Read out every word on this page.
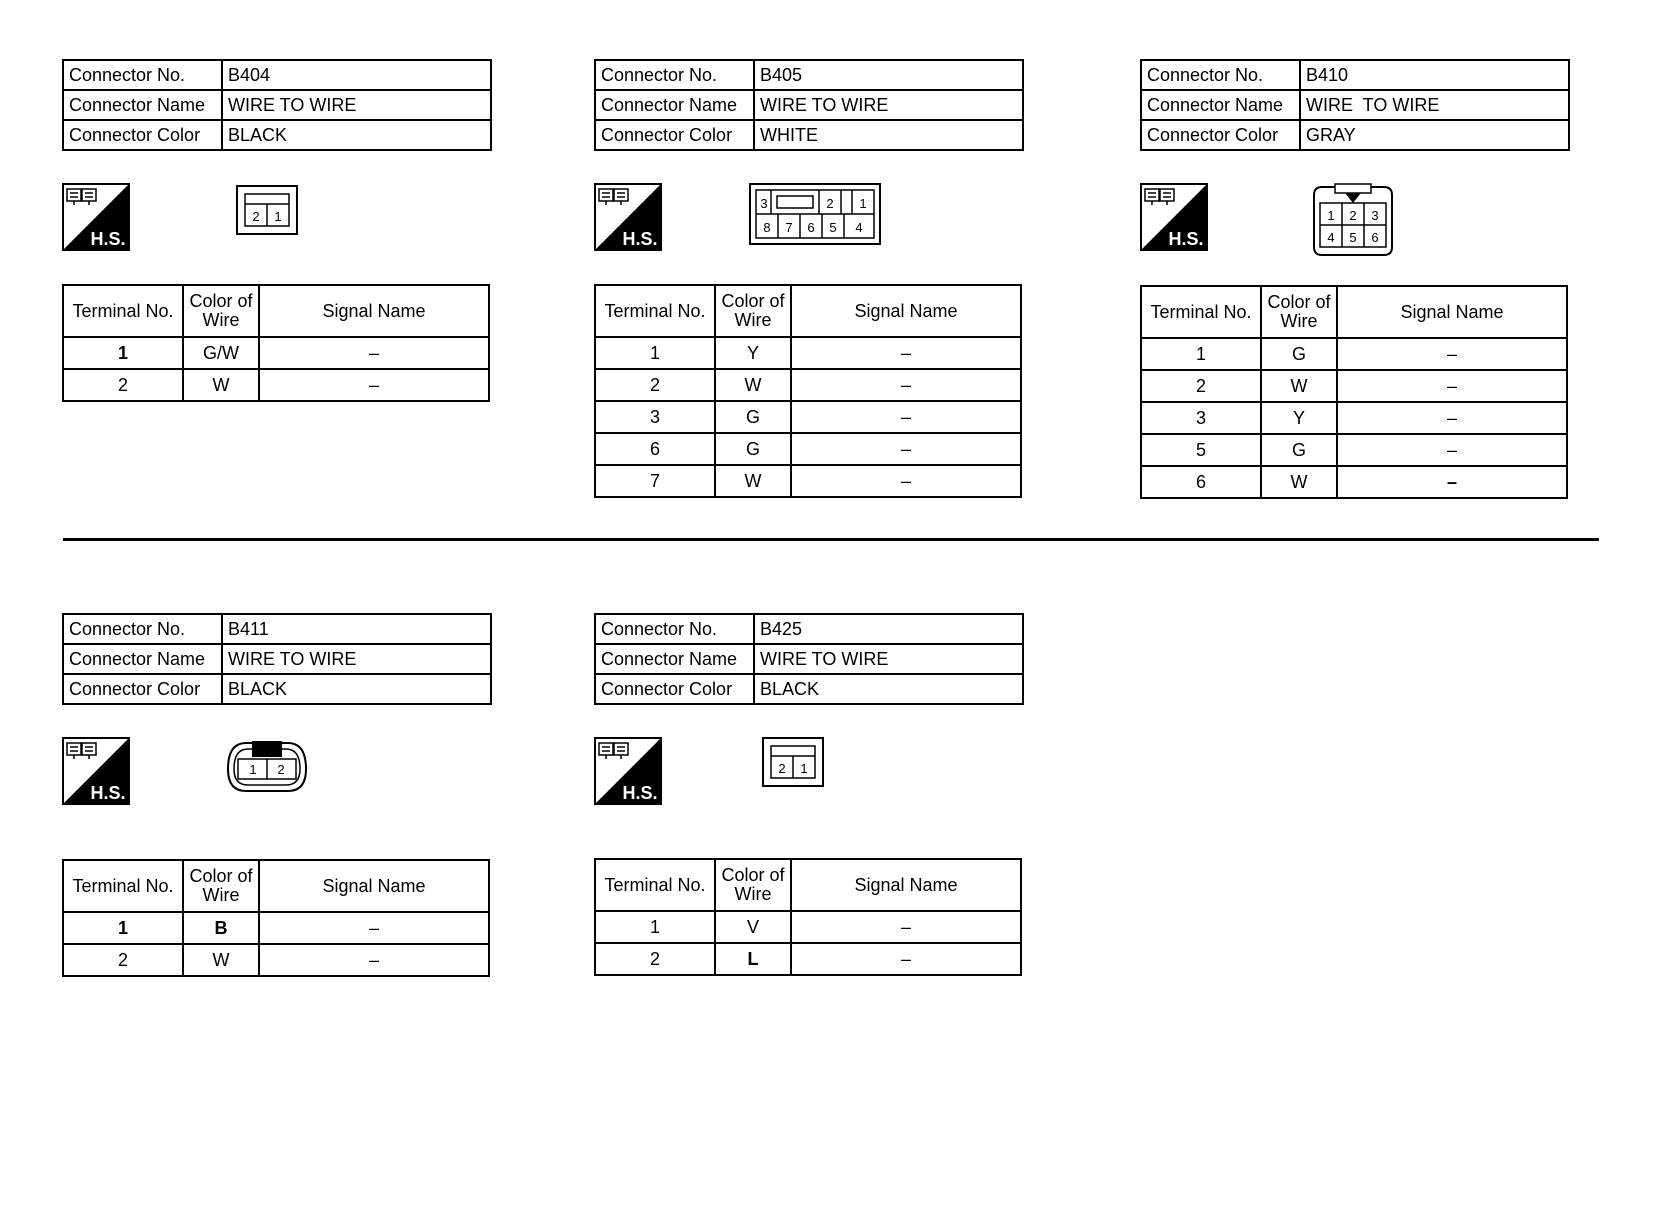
Connector No.	B404
Connector Name	WIRE TO WIRE
Connector Color	BLACK
H.S.
2 1
Terminal No.	Color of
Wire	Signal Name
1	G/W	–
2	W	–
Connector No.	B405
Connector Name	WIRE TO WIRE
Connector Color	WHITE
H.S.
3	2 1
8 7 6 5 4
Terminal No.	Color of
Wire	Signal Name
1	Y	–
2	W	–
3	G	–
6	G	–
7	W	–
Connector No.	B410
Connector Name	WIRE  TO WIRE
Connector Color	GRAY
H.S.
1 2 3
4 5 6
Terminal No.	Color of
Wire	Signal Name
1	G	–
2	W	–
3	Y	–
5	G	–
6	W	–
Connector No.	B411
Connector Name	WIRE TO WIRE
Connector Color	BLACK
H.S.
1 2
Terminal No.	Color of
Wire	Signal Name
1	B	–
2	W	–
Connector No.	B425
Connector Name	WIRE TO WIRE
Connector Color	BLACK
H.S.
2 1
Terminal No.	Color of
Wire	Signal Name
1	V	–
2	L	–
